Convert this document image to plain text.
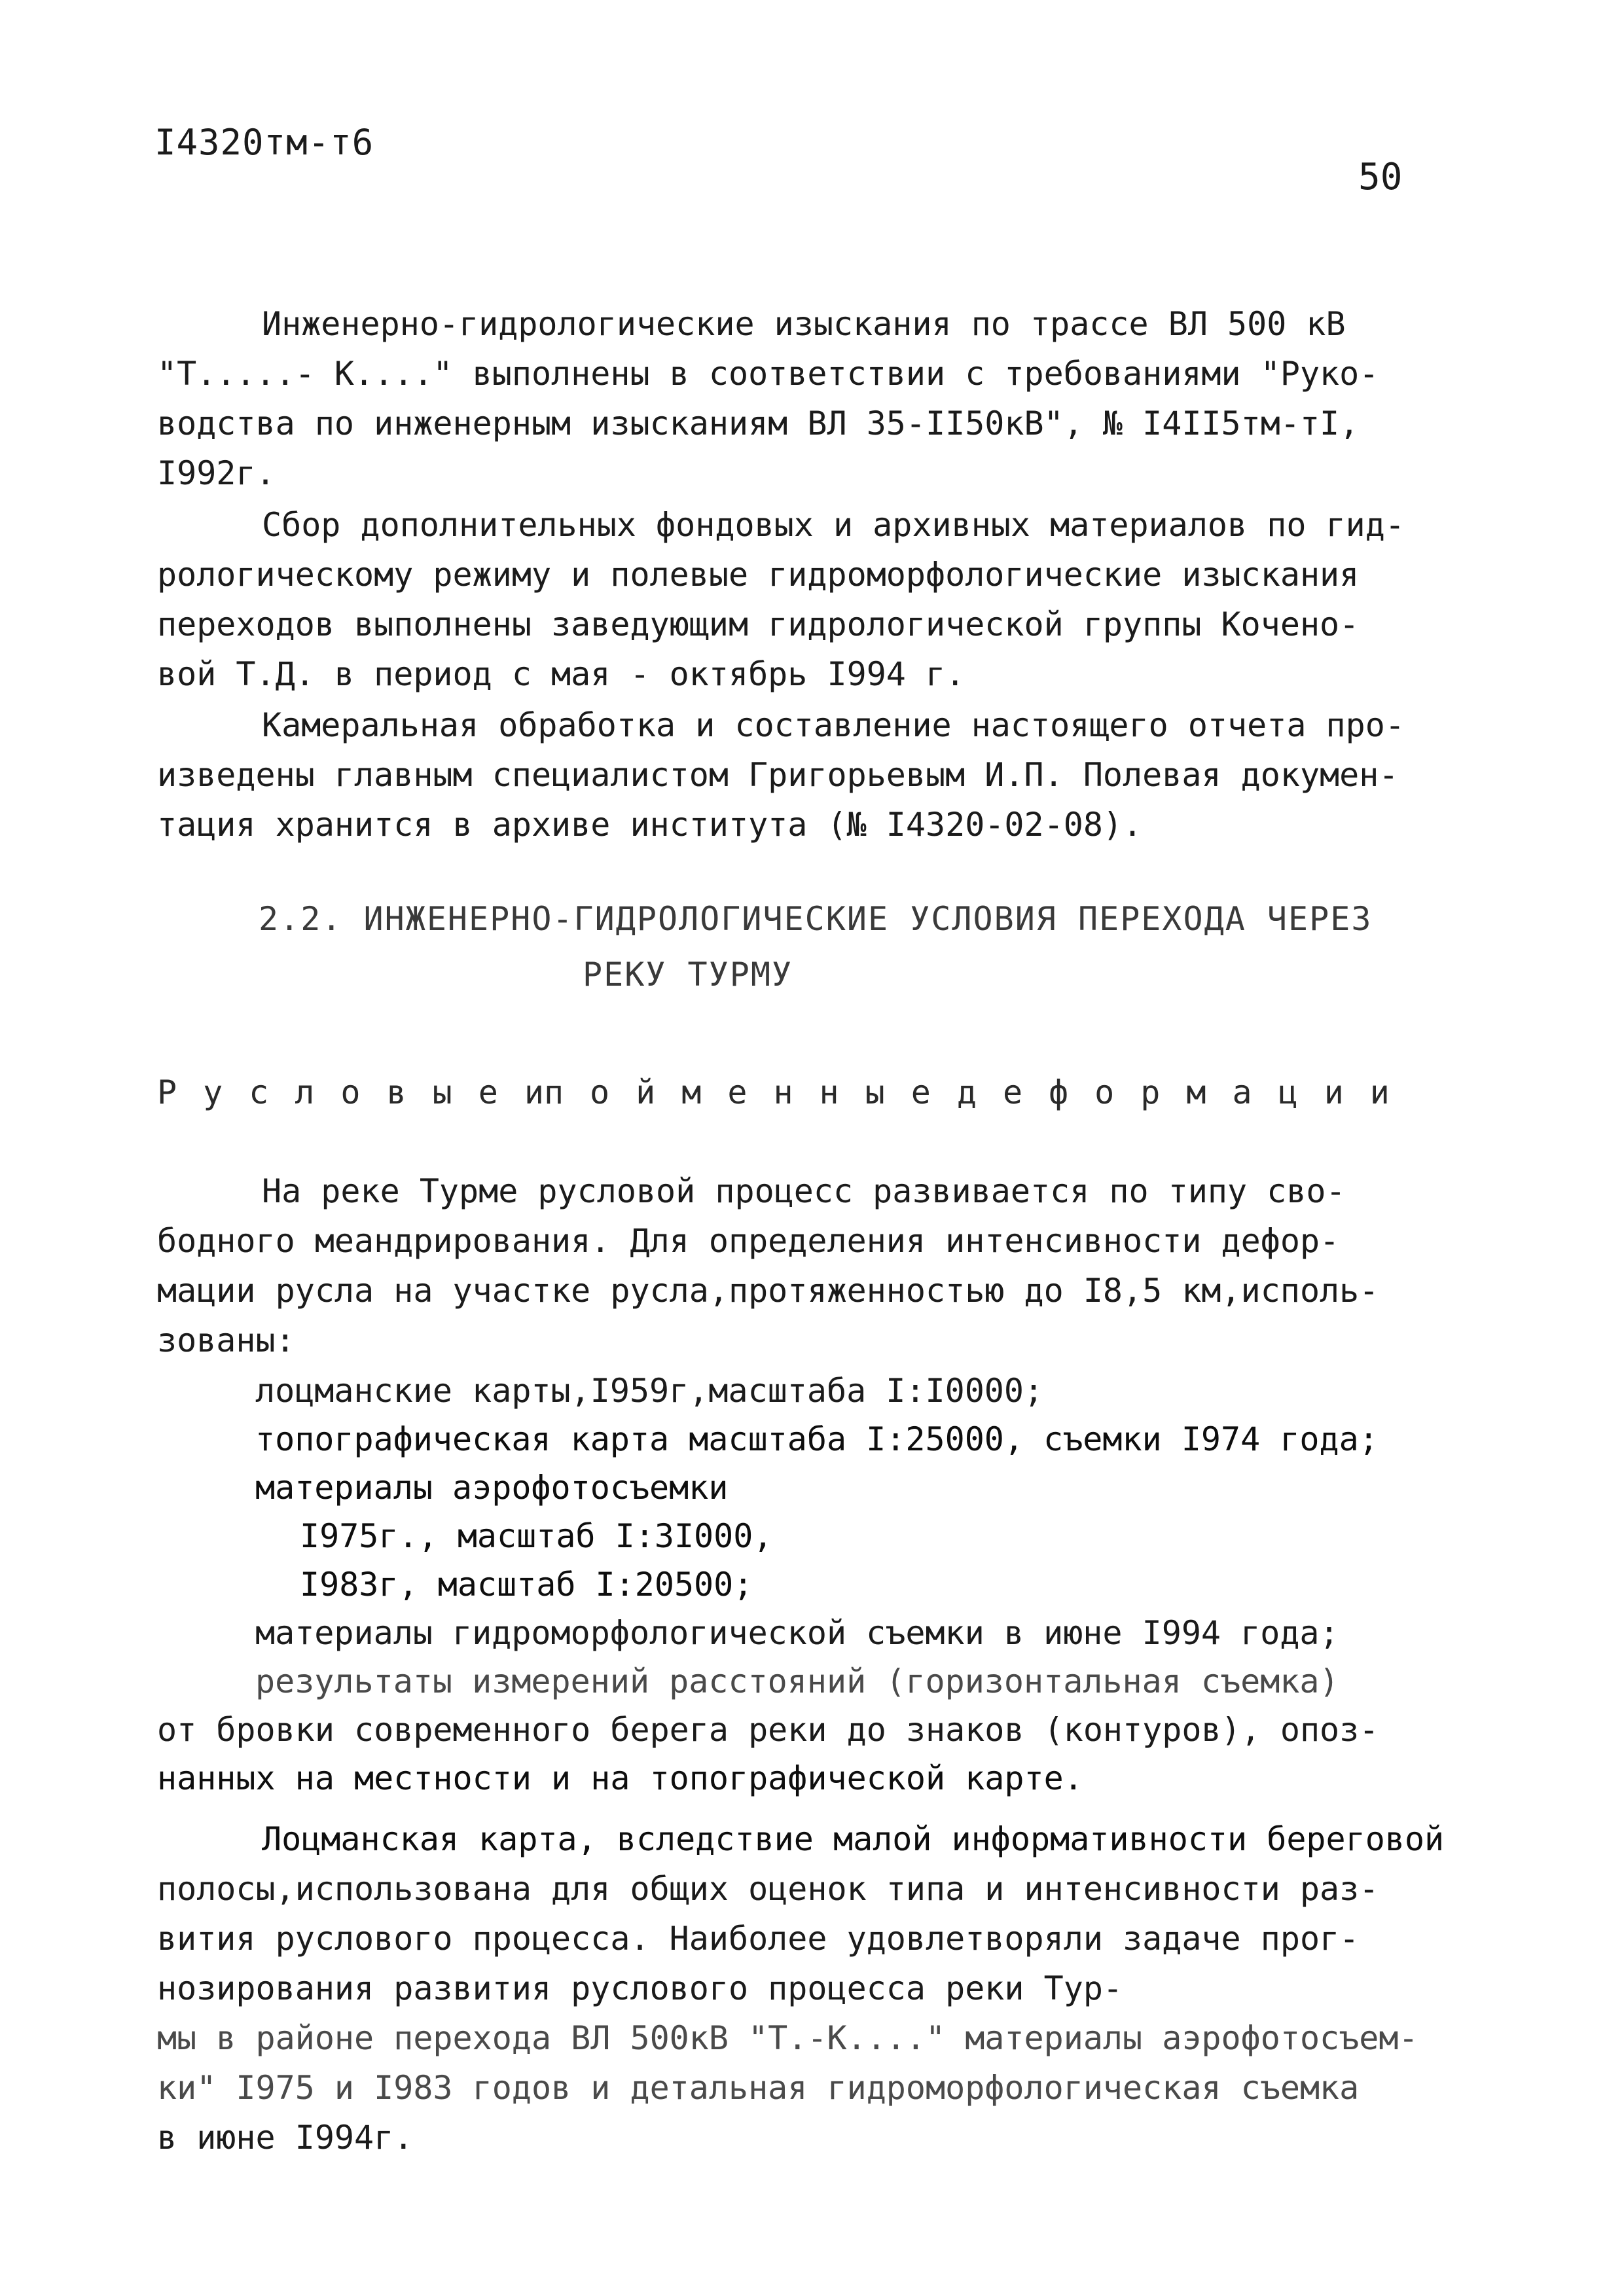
I4320тм-т6
50
Инженерно-гидрологические изыскания по трассе ВЛ 500 кВ
"Т.....- К...." выполнены в соответствии с требованиями "Руко-
водства по инженерным изысканиям ВЛ 35-II50кВ", № I4II5тм-тI,
I992г.
Сбор дополнительных фондовых и архивных материалов по гид-
рологическому режиму и полевые гидроморфологические изыскания
переходов выполнены заведующим гидрологической группы Коченo-
вой Т.Д. в период с мая - октябрь I994 г.
Камеральная обработка и составление настоящего отчета про-
изведены главным специалистом Григорьевым И.П. Полевая докумен-
тация хранится в архиве института (№ I4320-02-08).
2.2. ИНЖЕНЕРНО-ГИДРОЛОГИЧЕСКИЕ УСЛОВИЯ ПЕРЕХОДА ЧЕРЕЗ
РЕКУ ТУРМУ
Русловые и пойменные деформации
На реке Турме русловой процесс развивается по типу сво-
бодного меандрирования. Для определения интенсивности дефор-
мации русла на участке русла,протяженностью до I8,5 км,исполь-
зованы:
лоцманские карты,I959г,масштаба I:I0000;
топографическая карта масштаба I:25000, съемки I974 года;
материалы аэрофотосъемки
I975г., масштаб I:3I000,
I983г, масштаб I:20500;
материалы гидроморфологической съемки в июне I994 года;
результаты измерений расстояний (горизонтальная съемка)
от бровки современного берега реки до знаков (контуров), опоз-
нанных на местности и на топографической карте.
Лоцманская карта, вследствие малой информативности береговой
полосы,использована для общих оценок типа и интенсивности раз-
вития руслового процесса. Наиболее удовлетворяли задаче прог-
нозирования развития руслового процесса реки Тур-
мы в районе перехода ВЛ 500кВ "Т.-К...." материалы аэрофотосъем-
ки" I975 и I983 годов и детальная гидроморфологическая съемка
в июне I994г.
